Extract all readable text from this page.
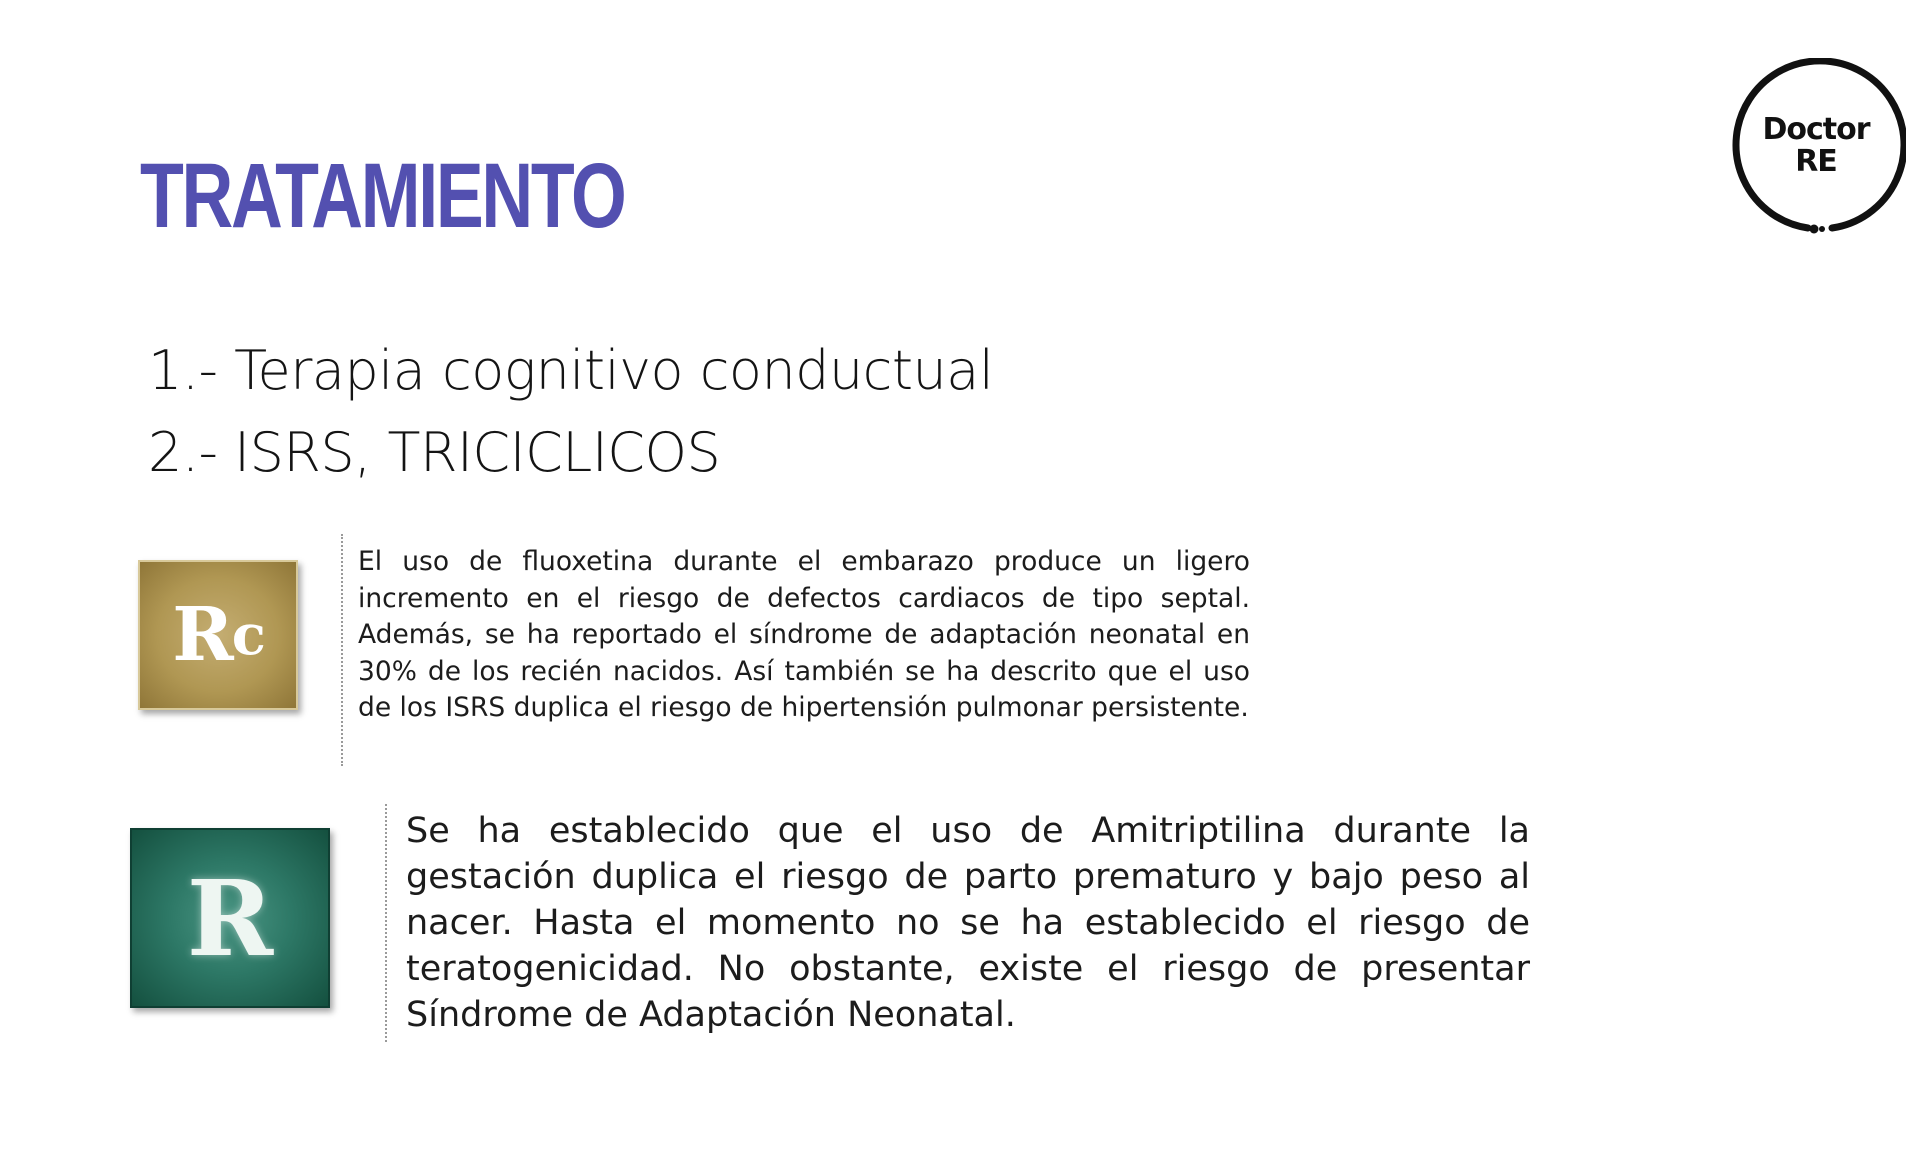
TRATAMIENTO
1.- Terapia cognitivo conductual
2.- ISRS, TRICICLICOS
Doctor
RE
R c

El uso de fluoxetina durante el embarazo produce un ligero incremento en el riesgo de defectos cardiacos de tipo septal. Además, se ha reportado el síndrome de adaptación neonatal en 30% de los recién nacidos. Así también se ha descrito que el uso de los ISRS duplica el riesgo de hipertensión pulmonar persistente.

R

Se ha establecido que el uso de Amitriptilina durante la gestación duplica el riesgo de parto prematuro y bajo peso al nacer. Hasta el momento no se ha establecido el riesgo de teratogenicidad. No obstante, existe el riesgo de presentar Síndrome de Adaptación Neonatal.
